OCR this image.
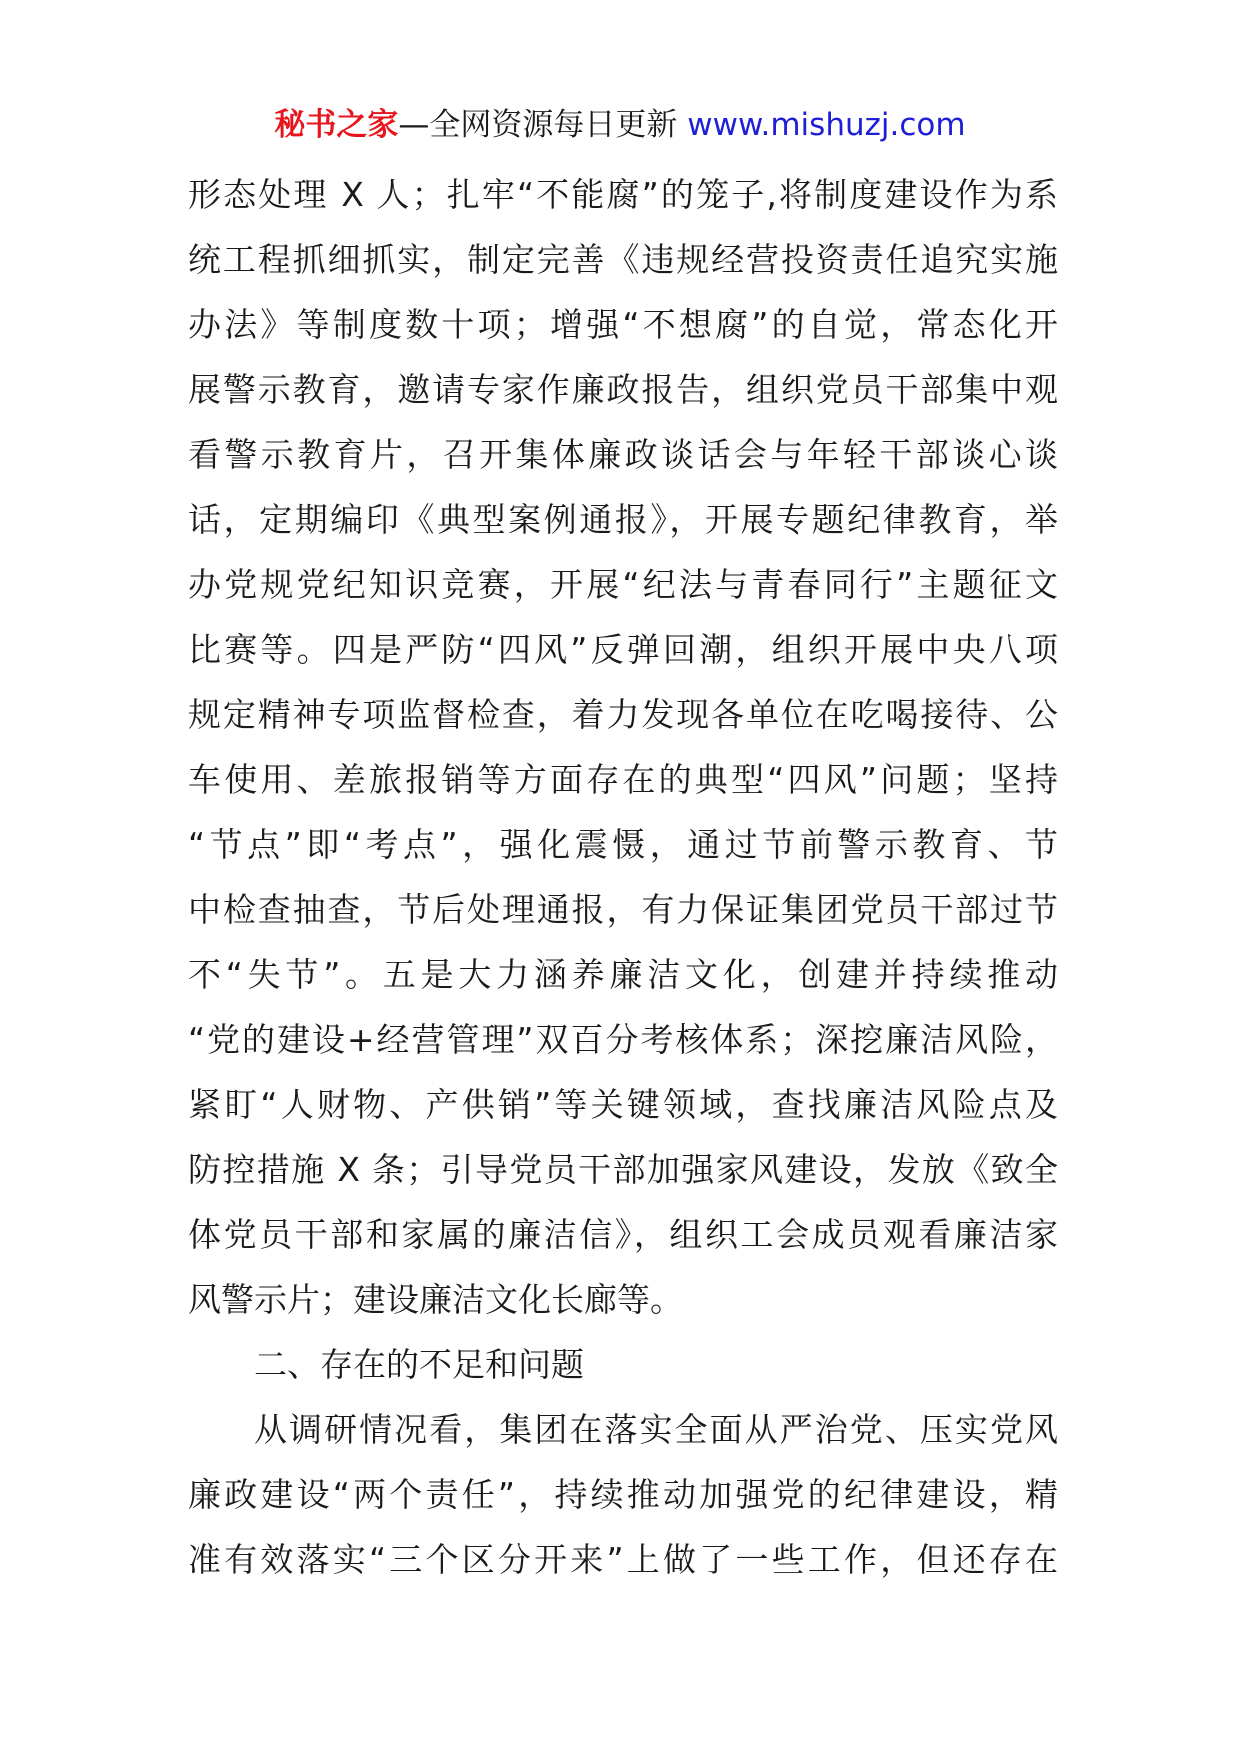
秘书之家—全网资源每日更新 www.mishuzj.com
形态处理 X 人；扎牢“不能腐”的笼子,将制度建设作为系
统工程抓细抓实，制定完善《违规经营投资责任追究实施
办法》等制度数十项；增强“不想腐”的自觉，常态化开
展警示教育，邀请专家作廉政报告，组织党员干部集中观
看警示教育片，召开集体廉政谈话会与年轻干部谈心谈
话，定期编印《典型案例通报》，开展专题纪律教育，举
办党规党纪知识竞赛，开展“纪法与青春同行”主题征文
比赛等。四是严防“四风”反弹回潮，组织开展中央八项
规定精神专项监督检查，着力发现各单位在吃喝接待、公
车使用、差旅报销等方面存在的典型“四风”问题；坚持
“节点”即“考点”，强化震慑，通过节前警示教育、节
中检查抽查，节后处理通报，有力保证集团党员干部过节
不“失节”。五是大力涵养廉洁文化，创建并持续推动
“党的建设+经营管理”双百分考核体系；深挖廉洁风险，
紧盯“人财物、产供销”等关键领域，查找廉洁风险点及
防控措施 X 条；引导党员干部加强家风建设，发放《致全
体党员干部和家属的廉洁信》，组织工会成员观看廉洁家
风警示片；建设廉洁文化长廊等。
二、存在的不足和问题
从调研情况看，集团在落实全面从严治党、压实党风
廉政建设“两个责任”，持续推动加强党的纪律建设，精
准有效落实“三个区分开来”上做了一些工作，但还存在
